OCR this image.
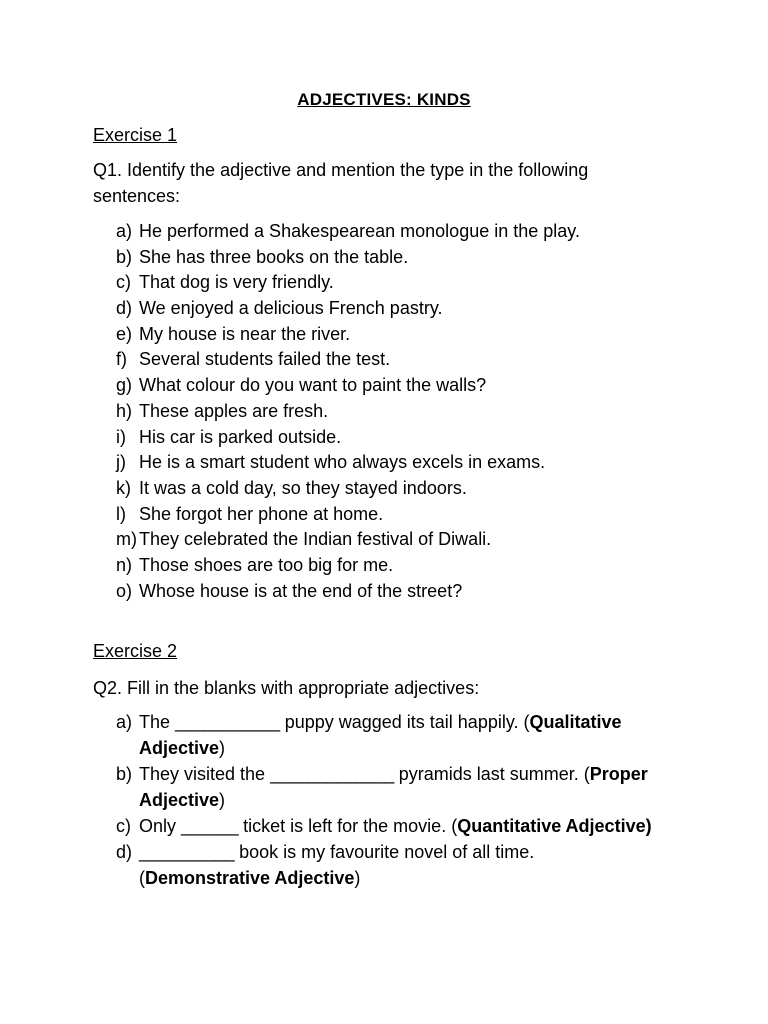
ADJECTIVES: KINDS
Exercise 1
Q1. Identify the adjective and mention the type in the following sentences:
a) He performed a Shakespearean monologue in the play.
b) She has three books on the table.
c) That dog is very friendly.
d) We enjoyed a delicious French pastry.
e) My house is near the river.
f) Several students failed the test.
g) What colour do you want to paint the walls?
h) These apples are fresh.
i) His car is parked outside.
j) He is a smart student who always excels in exams.
k) It was a cold day, so they stayed indoors.
l) She forgot her phone at home.
m) They celebrated the Indian festival of Diwali.
n) Those shoes are too big for me.
o) Whose house is at the end of the street?
Exercise 2
Q2. Fill in the blanks with appropriate adjectives:
a) The ___________ puppy wagged its tail happily. (Qualitative Adjective)
b) They visited the _____________ pyramids last summer. (Proper Adjective)
c) Only ______ ticket is left for the movie. (Quantitative Adjective)
d) __________ book is my favourite novel of all time. (Demonstrative Adjective)
